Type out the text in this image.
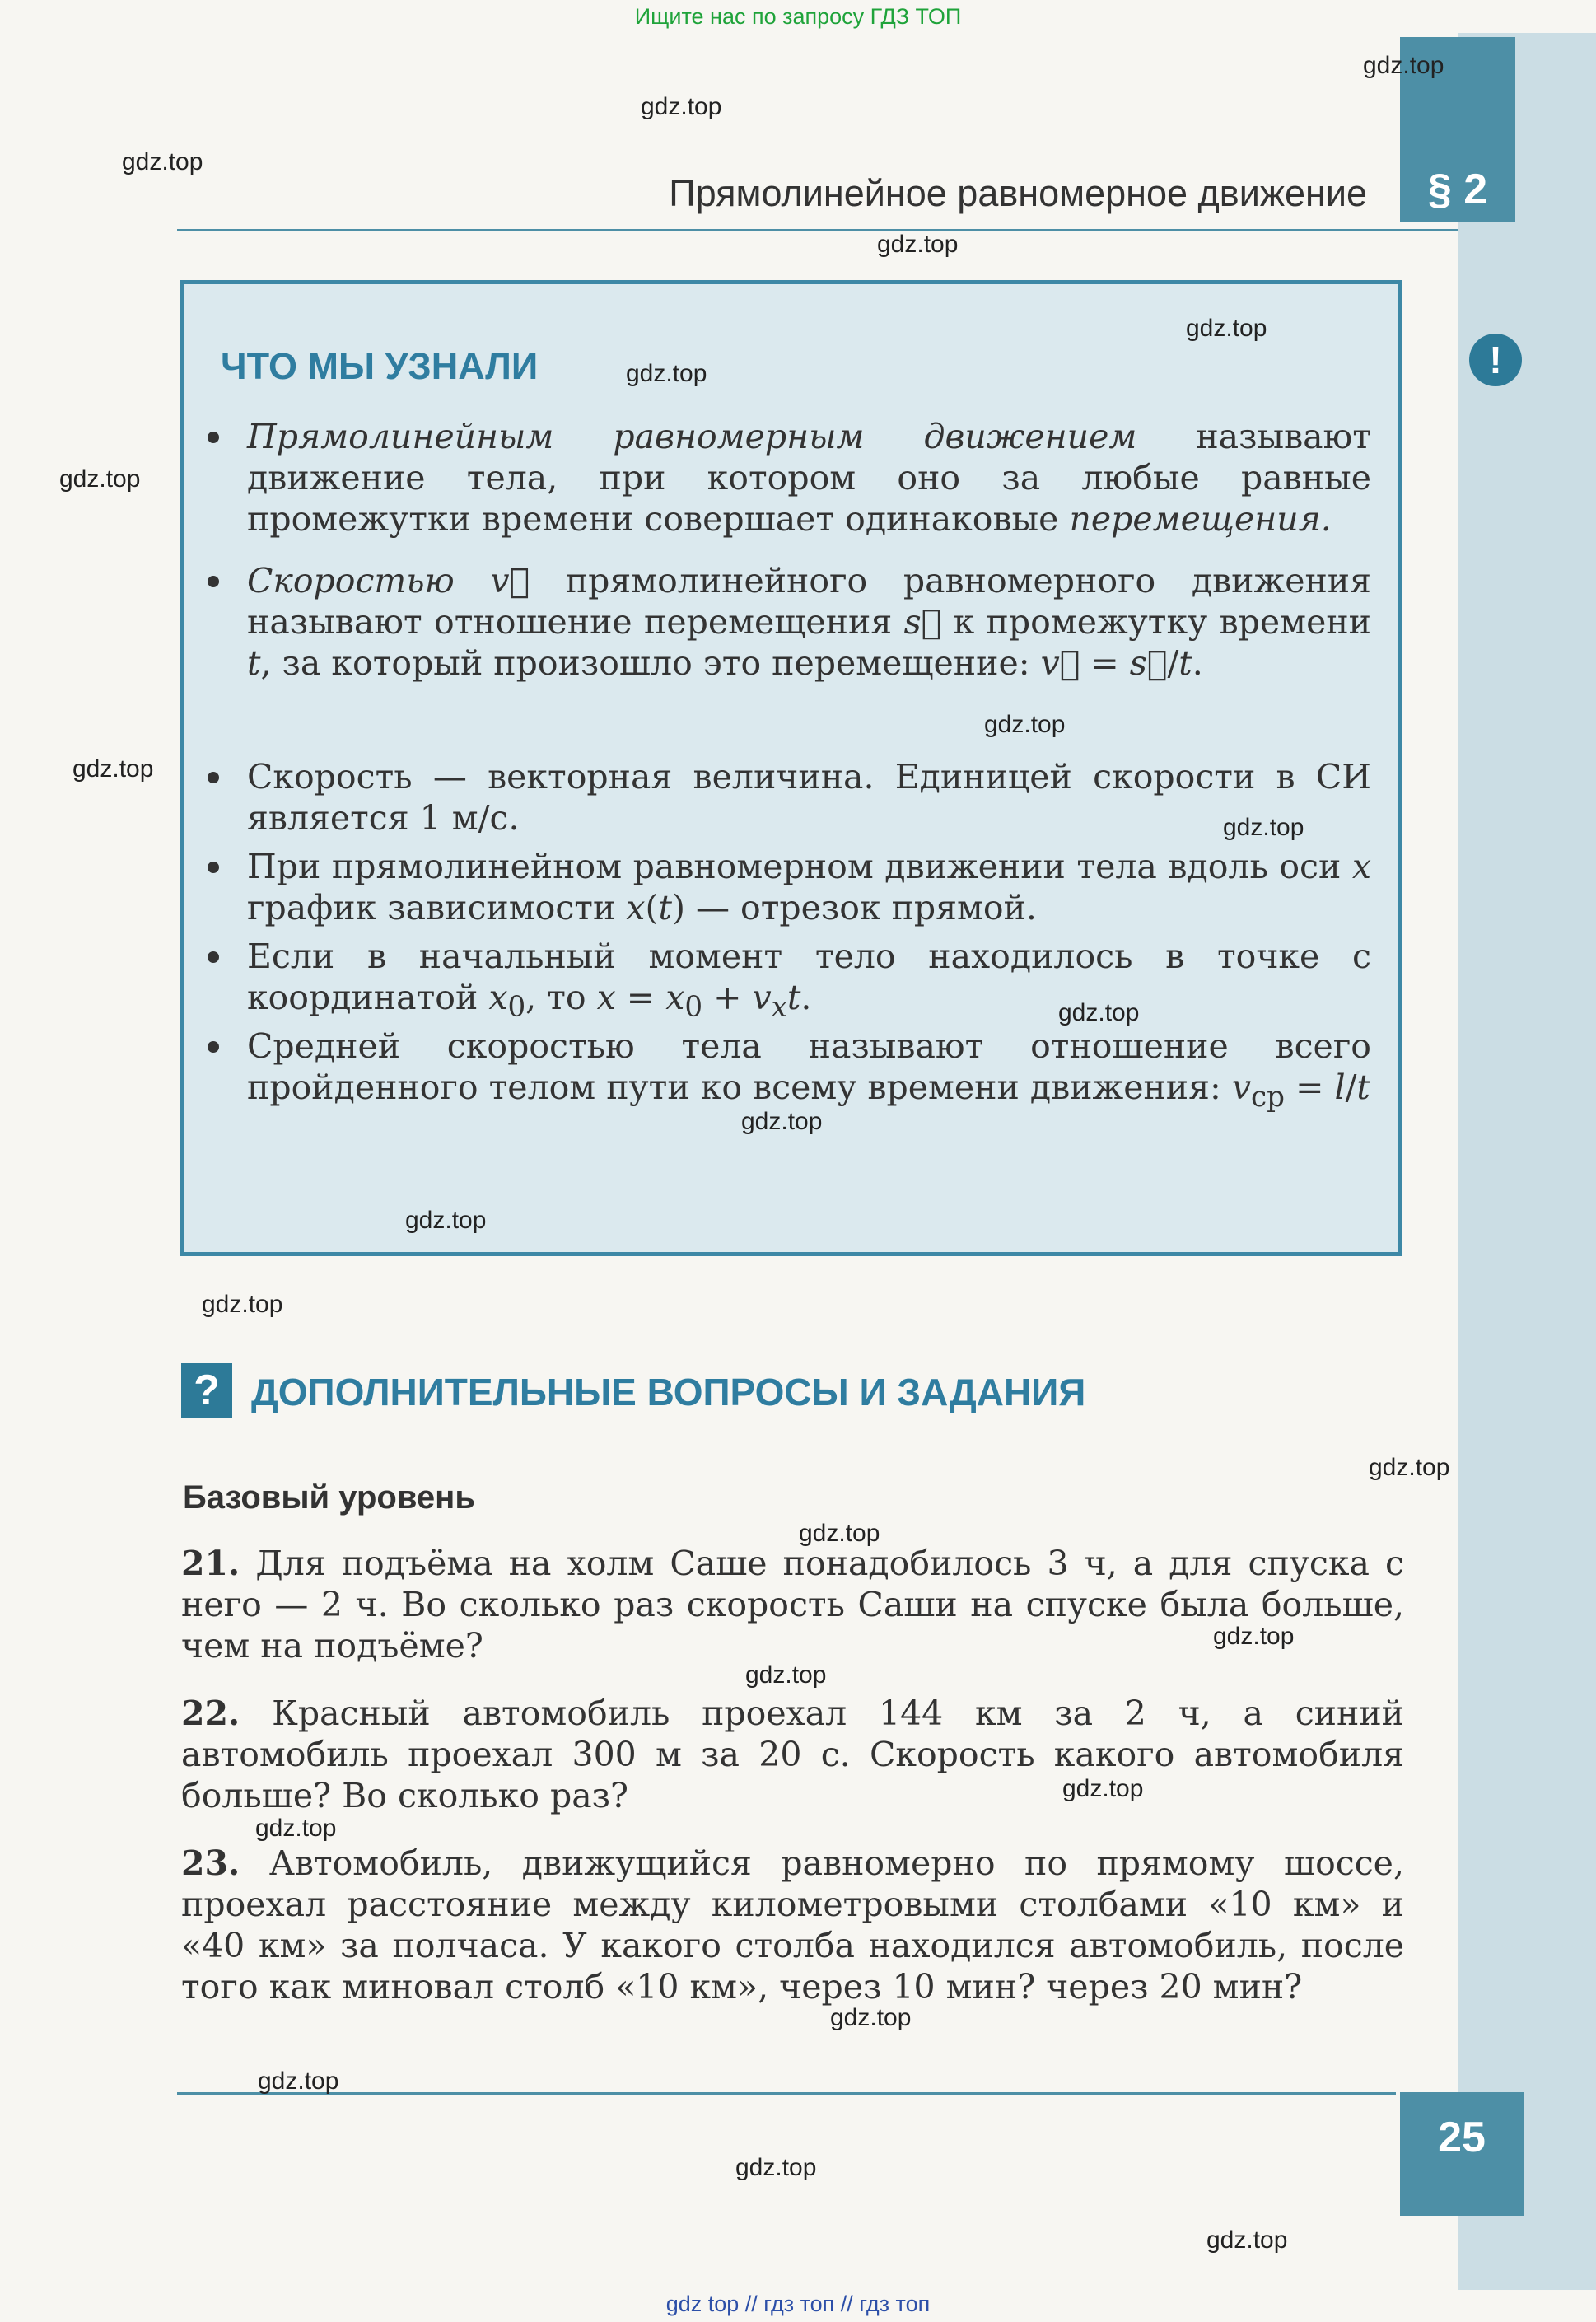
Ищите нас по запросу ГДЗ ТОП
§ 2
Прямолинейное равномерное движение
!
ЧТО МЫ УЗНАЛИ
Прямолинейным равномерным движением называют движение тела, при котором оно за любые равные промежутки времени совершает одинаковые перемещения.
Скоростью v⃗ прямолинейного равномерного движения называют отношение перемещения s⃗ к промежутку времени t, за который произошло это перемещение: v⃗ = s⃗/t.
Скорость — векторная величина. Единицей скорости в СИ является 1 м/с.
При прямолинейном равномерном движении тела вдоль оси x график зависимости x(t) — отрезок прямой.
Если в начальный момент тело находилось в точке с координатой $x_0$, то $x = x_0 + v_xt$.
Средней скоростью тела называют отношение всего пройденного телом пути ко всему времени движения: $v_{ср} = l/t$
? ДОПОЛНИТЕЛЬНЫЕ ВОПРОСЫ И ЗАДАНИЯ
Базовый уровень
21. Для подъёма на холм Саше понадобилось 3 ч, а для спуска с него — 2 ч. Во сколько раз скорость Саши на спуске была больше, чем на подъёме?
22. Красный автомобиль проехал 144 км за 2 ч, а синий автомобиль проехал 300 м за 20 с. Скорость какого автомобиля больше? Во сколько раз?
23. Автомобиль, движущийся равномерно по прямому шоссе, проехал расстояние между километровыми столбами «10 км» и «40 км» за полчаса. У какого столба находился автомобиль, после того как миновал столб «10 км», через 10 мин? через 20 мин?
25
gdz.top
gdz.top
gdz.top
gdz.top
gdz.top
gdz.top
gdz.top
gdz.top
gdz.top
gdz.top
gdz.top
gdz.top
gdz.top
gdz.top
gdz.top
gdz.top
gdz.top
gdz.top
gdz.top
gdz.top
gdz.top
gdz.top
gdz.top
gdz.top
gdz top // гдз топ // гдз топ
